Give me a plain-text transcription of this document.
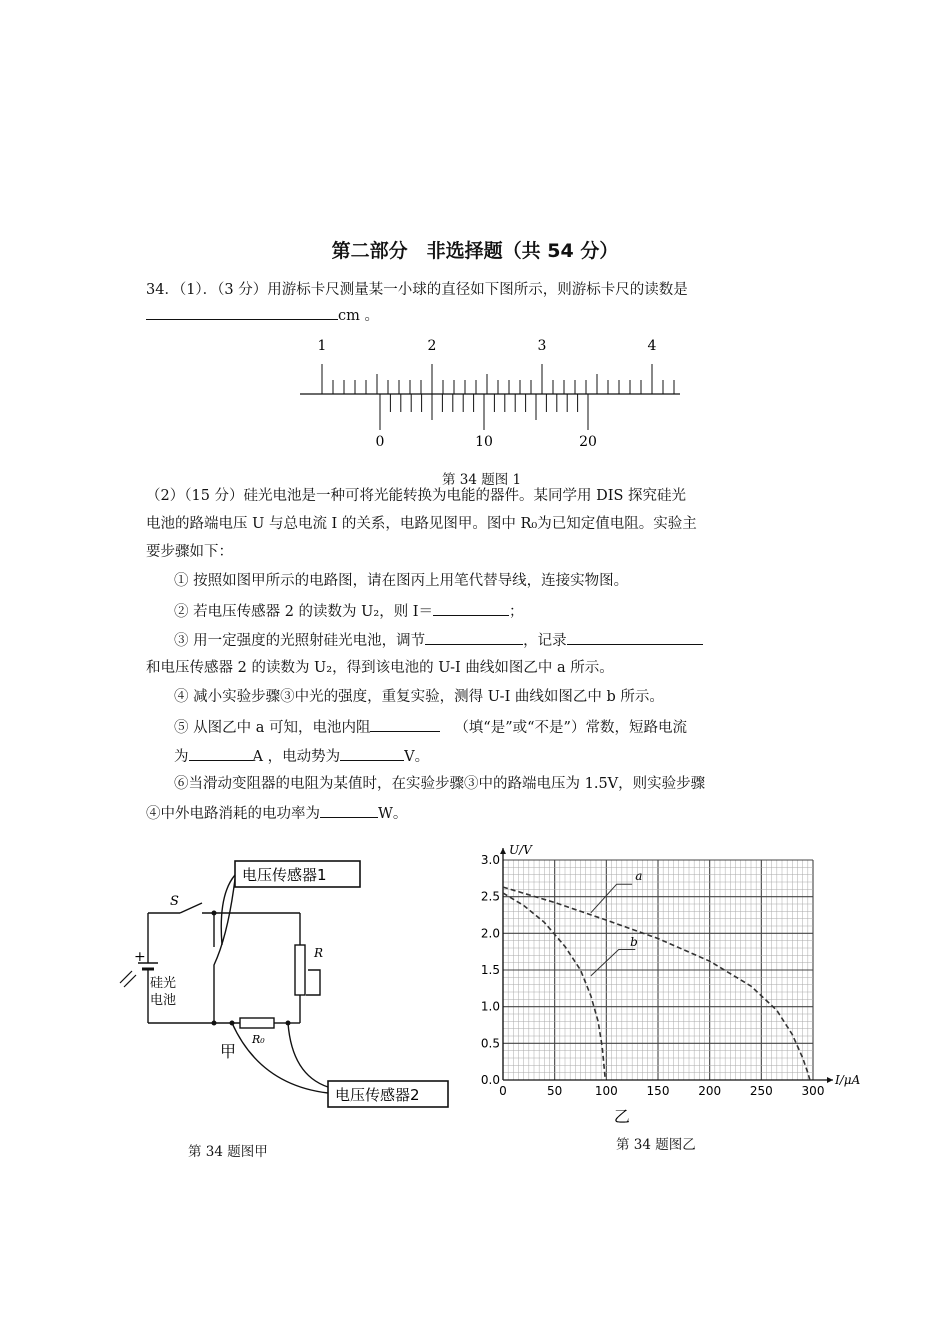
第二部分　非选择题（共 54 分）
34．（1）．（3 分）用游标卡尺测量某一小球的直径如下图所示，则游标卡尺的读数是
cm 。
1	2	3	4
0	10	20
第 34 题图 1
（2）（15 分）硅光电池是一种可将光能转换为电能的器件。某同学用 DIS 探究硅光
电池的路端电压 U 与总电流 I 的关系，电路见图甲。图中 R₀为已知定值电阻。实验主
要步骤如下：
① 按照如图甲所示的电路图，请在图丙上用笔代替导线，连接实物图。
② 若电压传感器 2 的读数为 U₂，则 I＝	；
③ 用一定强度的光照射硅光电池，调节	，记录
和电压传感器 2 的读数为 U₂，得到该电池的 U-I 曲线如图乙中 a 所示。
④ 减小实验步骤③中光的强度，重复实验，测得 U-I 曲线如图乙中 b 所示。
⑤ 从图乙中 a 可知，电池内阻	（填“是”或“不是”）常数，短路电流
为	A ，电动势为	V。
⑥当滑动变阻器的电阻为某值时，在实验步骤③中的路端电压为 1.5V，则实验步骤
④中外电路消耗的电功率为	W。
电压传感器1
电压传感器2
S
+
硅光
电池
R
R₀
甲
第 34 题图甲
0	50	100 150 200 250 300
0.0
0.5
1.0
1.5
2.0
2.5
3.0
U/V
I/μA
a
b
乙
第 34 题图乙
